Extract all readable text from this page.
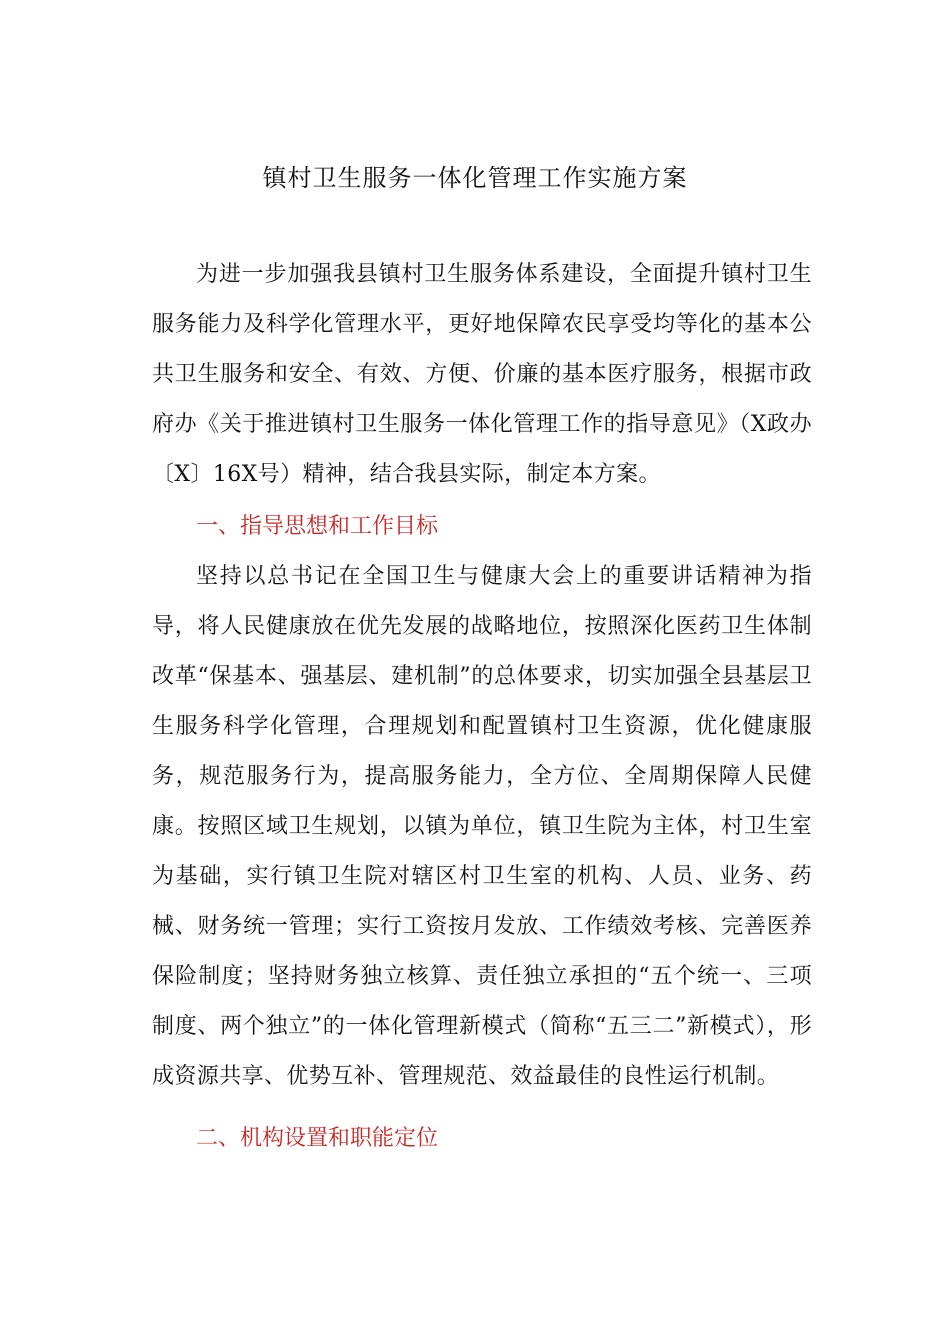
镇村卫生服务一体化管理工作实施方案

为进一步加强我县镇村卫生服务体系建设，全面提升镇村卫生服务能力及科学化管理水平，更好地保障农民享受均等化的基本公共卫生服务和安全、有效、方便、价廉的基本医疗服务，根据市政府办《关于推进镇村卫生服务一体化管理工作的指导意见》（X政办〔X〕16X号）精神，结合我县实际，制定本方案。

一、指导思想和工作目标

坚持以总书记在全国卫生与健康大会上的重要讲话精神为指导，将人民健康放在优先发展的战略地位，按照深化医药卫生体制改革“保基本、强基层、建机制”的总体要求，切实加强全县基层卫生服务科学化管理，合理规划和配置镇村卫生资源，优化健康服务，规范服务行为，提高服务能力，全方位、全周期保障人民健康。按照区域卫生规划，以镇为单位，镇卫生院为主体，村卫生室为基础，实行镇卫生院对辖区村卫生室的机构、人员、业务、药械、财务统一管理；实行工资按月发放、工作绩效考核、完善医养保险制度；坚持财务独立核算、责任独立承担的“五个统一、三项制度、两个独立”的一体化管理新模式（简称“五三二”新模式），形成资源共享、优势互补、管理规范、效益最佳的良性运行机制。

二、机构设置和职能定位
